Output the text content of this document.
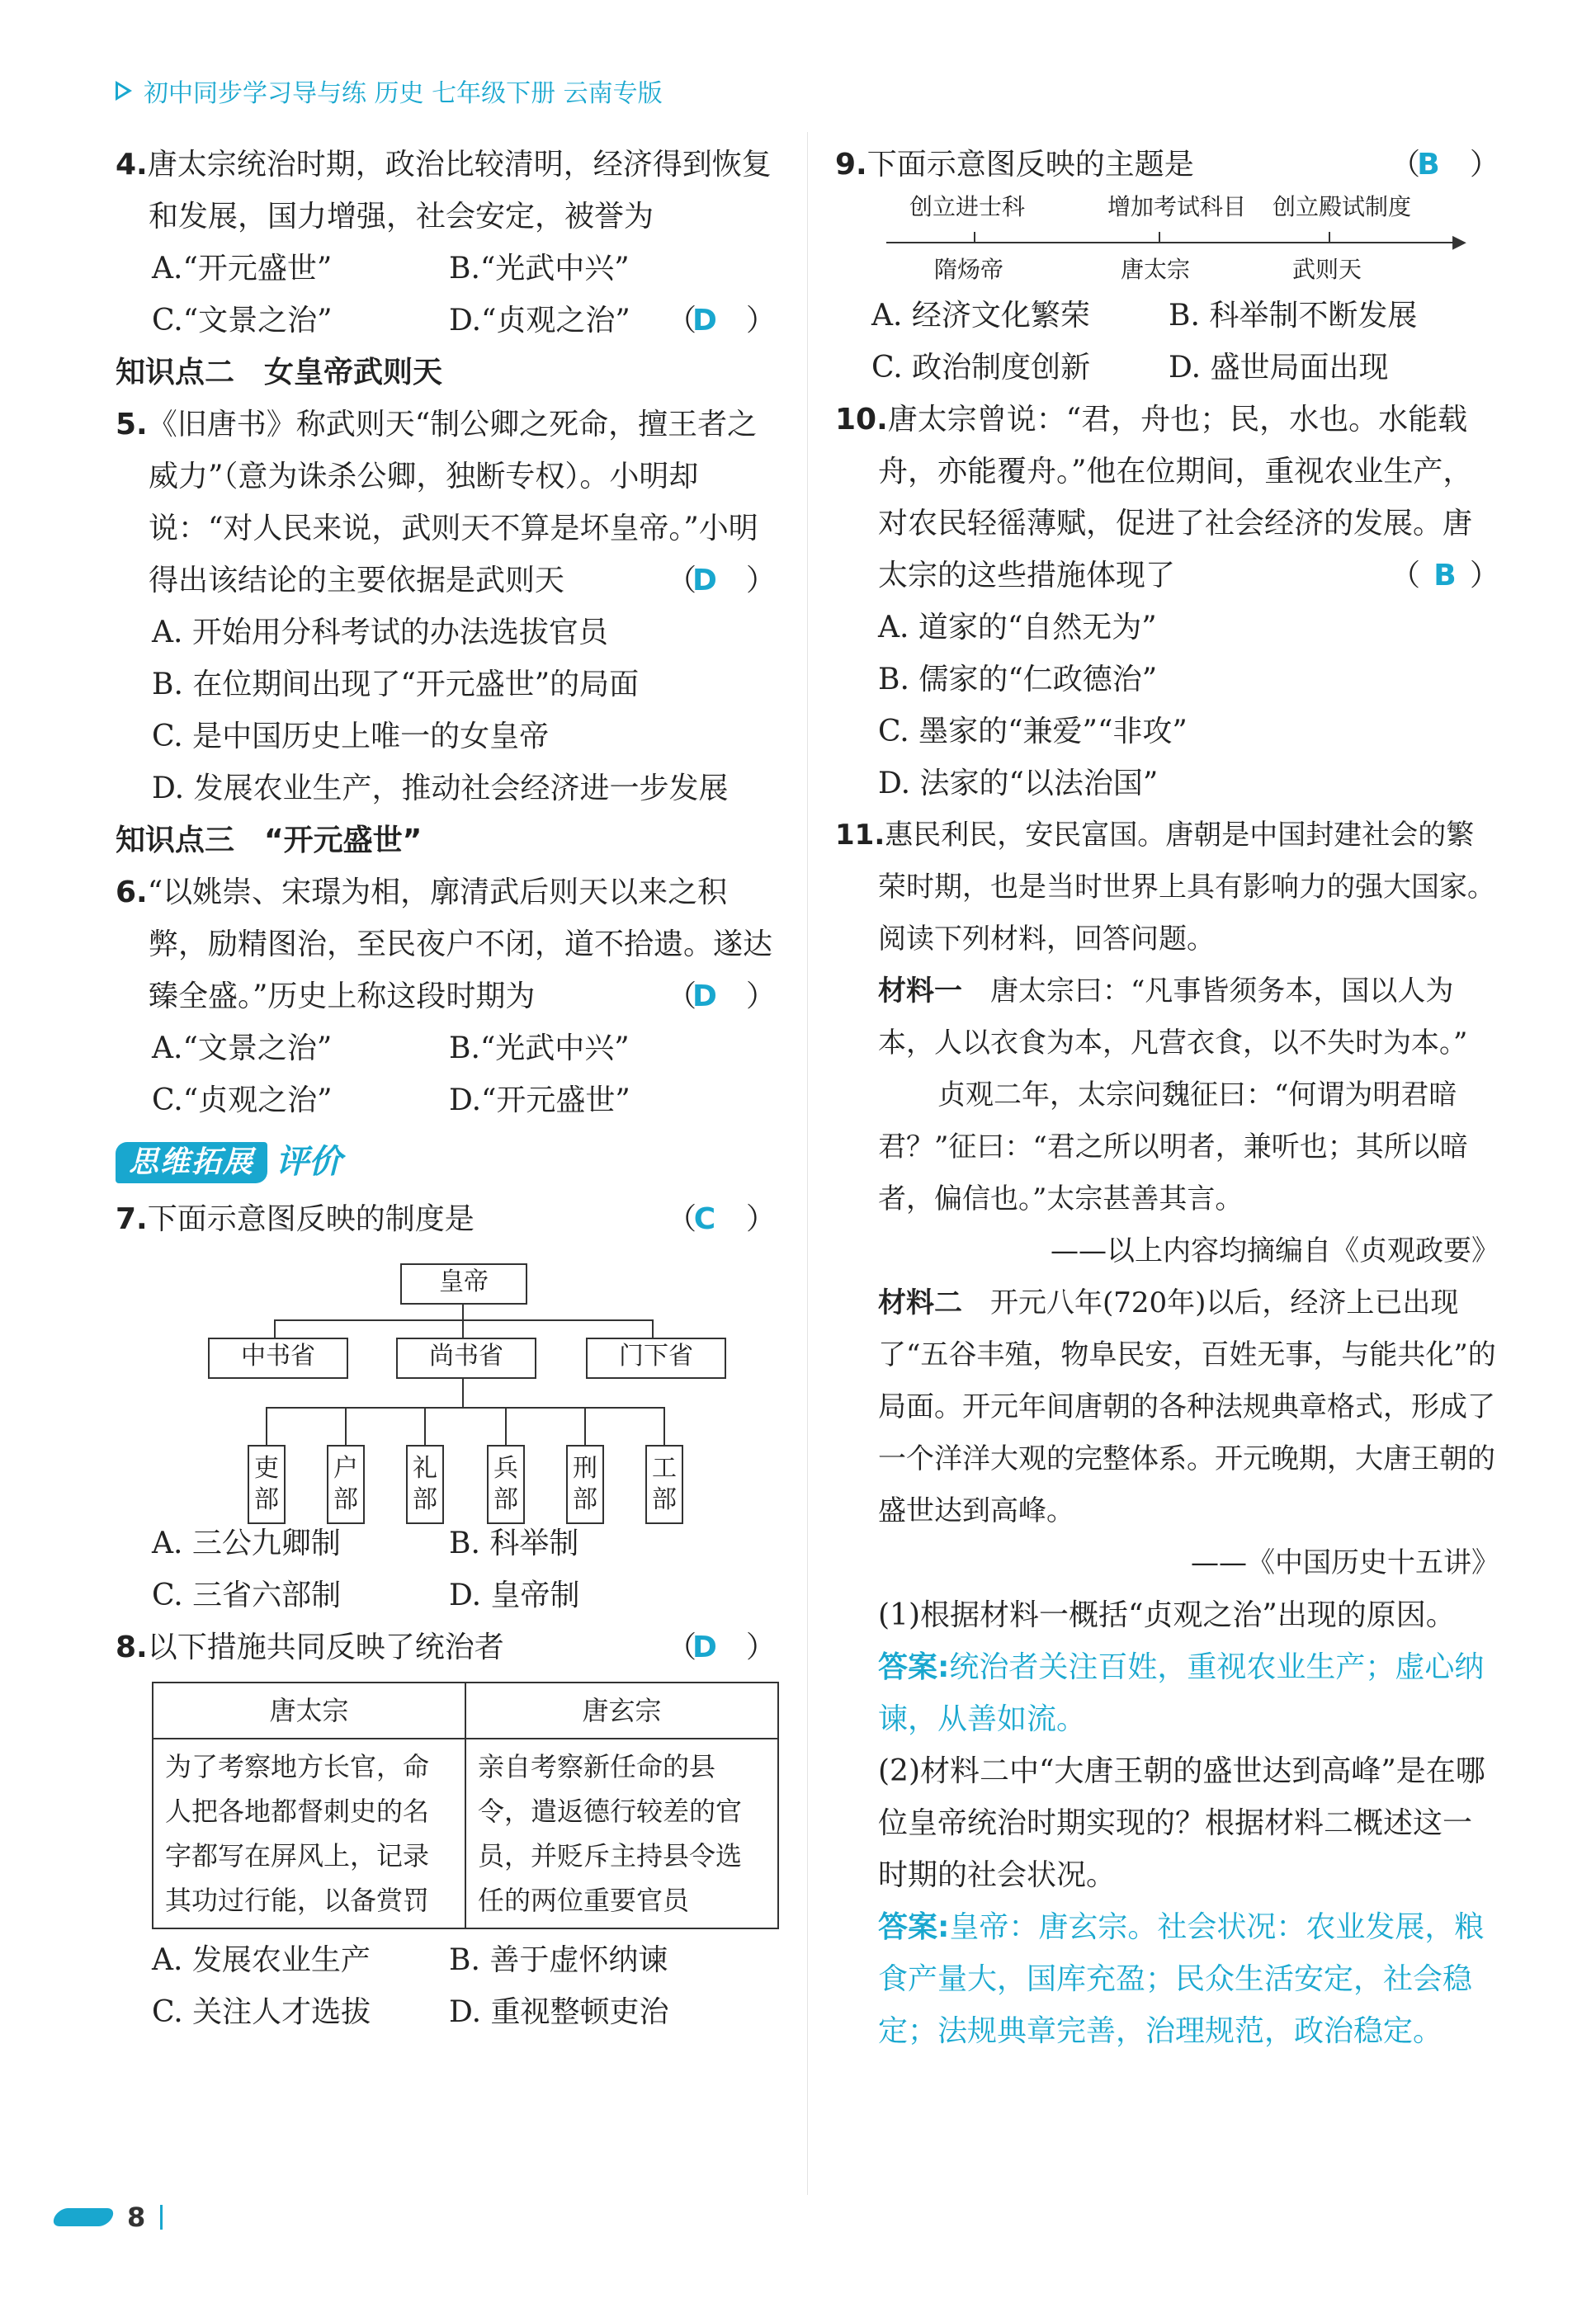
初中同步学习导与练 历史 七年级下册 云南专版
4.唐太宗统治时期，政治比较清明，经济得到恢复和发展，国力增强，社会安定，被誉为
（D ）
A.“开元盛世”	B.“光武中兴”
C.“文景之治”	D.“贞观之治”
知识点二　女皇帝武则天
5.《旧唐书》称武则天“制公卿之死命，擅王者之威力”（意为诛杀公卿，独断专权）。小明却说：“对人民来说，武则天不算是坏皇帝。”小明得出该结论的主要依据是武则天	（D ）
A. 开始用分科考试的办法选拔官员
B. 在位期间出现了“开元盛世”的局面
C. 是中国历史上唯一的女皇帝
D. 发展农业生产，推动社会经济进一步发展
知识点三　“开元盛世”
6.“以姚崇、宋璟为相，廓清武后则天以来之积弊，励精图治，至民夜户不闭，道不拾遗。遂达臻全盛。”历史上称这段时期为	（D ）
A.“文景之治”	B.“光武中兴”
C.“贞观之治”	D.“开元盛世”
思维拓展 评价
7.下面示意图反映的制度是	（C ）
皇帝
中书省	尚书省	门下省
吏部
户部
礼部
兵部
刑部
工部
A. 三公九卿制	B. 科举制
C. 三省六部制	D. 皇帝制
8.以下措施共同反映了统治者	（D ）
唐太宗	唐玄宗
为了考察地方长官，命人把各地都督刺史的名字都写在屏风上，记录其功过行能，以备赏罚	亲自考察新任命的县令，遣返德行较差的官员，并贬斥主持县令选任的两位重要官员
A. 发展农业生产	B. 善于虚怀纳谏
C. 关注人才选拔	D. 重视整顿吏治
9.下面示意图反映的主题是	（B ）
创立进士科	增加考试科目 创立殿试制度
▶
隋炀帝	唐太宗	武则天
A. 经济文化繁荣	B. 科举制不断发展
C. 政治制度创新	D. 盛世局面出现
10.唐太宗曾说：“君，舟也；民，水也。水能载舟，亦能覆舟。”他在位期间，重视农业生产，对农民轻徭薄赋，促进了社会经济的发展。唐太宗的这些措施体现了	（ B ）
A. 道家的“自然无为”
B. 儒家的“仁政德治”
C. 墨家的“兼爱”“非攻”
D. 法家的“以法治国”
11.惠民利民，安民富国。唐朝是中国封建社会的繁荣时期，也是当时世界上具有影响力的强大国家。阅读下列材料，回答问题。
材料一　 唐太宗曰：“凡事皆须务本，国以人为本，人以衣食为本，凡营衣食，以不失时为本。”
贞观二年，太宗问魏征曰：“何谓为明君暗君？”征曰：“君之所以明者，兼听也；其所以暗者，偏信也。”太宗甚善其言。
——以上内容均摘编自《贞观政要》
材料二　 开元八年(720年)以后，经济上已出现了“五谷丰殖，物阜民安，百姓无事，与能共化”的局面。开元年间唐朝的各种法规典章格式，形成了一个洋洋大观的完整体系。开元晚期，大唐王朝的盛世达到高峰。
——《中国历史十五讲》
(1)根据材料一概括“贞观之治”出现的原因。
答案:统治者关注百姓，重视农业生产；虚心纳谏，从善如流。
(2)材料二中“大唐王朝的盛世达到高峰”是在哪位皇帝统治时期实现的？根据材料二概述这一时期的社会状况。
答案:皇帝：唐玄宗。社会状况：农业发展，粮食产量大，国库充盈；民众生活安定，社会稳定；法规典章完善，治理规范，政治稳定。
8
